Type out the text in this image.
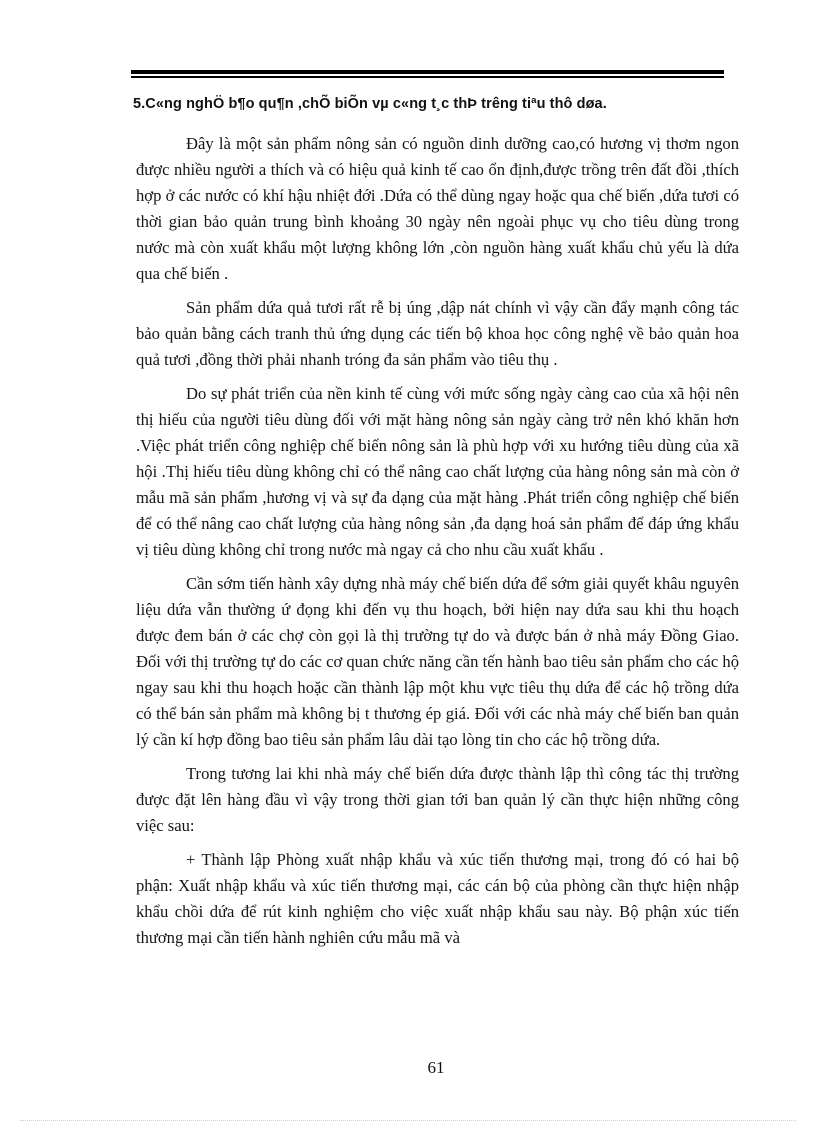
5.C«ng nghÖ b¶o qu¶n ,chÕ biÕn vµ c«ng t¸c thÞ trêng tiªu thô døa.

Đây là một sản phẩm nông sản có nguồn dinh dưỡng cao,có hương vị thơm ngon được nhiều người a thích và có hiệu quả kinh tế cao ổn định,được trồng trên đất đồi ,thích hợp ở các nước có khí hậu nhiệt đới .Dứa có thể dùng ngay hoặc qua chế biến ,dứa tươi có thời gian bảo quản trung bình khoảng 30 ngày nên ngoài phục vụ cho tiêu dùng trong nước mà còn xuất khẩu một lượng không lớn ,còn nguồn hàng xuất khẩu chủ yếu là dứa qua chế biến .

Sản phẩm dứa quả tươi rất rễ bị úng ,dập nát chính vì vậy cần đẩy mạnh công tác bảo quản bằng cách tranh thủ ứng dụng các tiến bộ khoa học công nghệ về bảo quản hoa quả tươi ,đồng thời phải nhanh tróng đa sản phẩm vào tiêu thụ .

Do sự phát triển của nền kinh tế cùng với mức sống ngày càng cao của xã hội nên thị hiếu của người tiêu dùng đối với mặt hàng nông sản ngày càng trở nên khó khăn hơn .Việc phát triển công nghiệp chế biến nông sản là phù hợp với xu hướng tiêu dùng của xã hội .Thị hiếu tiêu dùng không chỉ có thể nâng cao chất lượng của hàng nông sản mà còn ở mẫu mã sản phẩm ,hương vị và sự đa dạng của mặt hàng .Phát triển công nghiệp chế biến để có thể nâng cao chất lượng của hàng nông sản ,đa dạng hoá sản phẩm để đáp ứng khẩu vị tiêu dùng không chỉ trong nước mà ngay cả cho nhu cầu xuất khẩu .

Cần sớm tiến hành xây dựng nhà máy chế biến dứa để sớm giải quyết khâu nguyên liệu dứa vẫn thường ứ đọng khi đến vụ thu hoạch, bởi hiện nay dứa sau khi thu hoạch được đem bán ở các chợ còn gọi là thị trường tự do và được bán ở nhà máy Đồng Giao. Đối với thị trường tự do các cơ quan chức năng cần tến hành bao tiêu sản phẩm cho các hộ ngay sau khi thu hoạch hoặc cần thành lập một khu vực tiêu thụ dứa để các hộ trồng dứa có thể bán sản phẩm mà không bị t thương ép giá. Đối với các nhà máy chế biến ban quản lý cần kí hợp đồng bao tiêu sản phẩm lâu dài tạo lòng tin cho các hộ trồng dứa.

Trong tương lai khi nhà máy chế biến dứa được thành lập thì công tác thị trường được đặt lên hàng đầu vì vậy trong thời gian tới ban quản lý cần thực hiện những công việc sau:

+ Thành lập Phòng xuất nhập khẩu và xúc tiến thương mại, trong đó có hai bộ phận: Xuất nhập khẩu và xúc tiến thương mại, các cán bộ của phòng cần thực hiện nhập khẩu chồi dứa để rút kinh nghiệm cho việc xuất nhập khẩu sau này. Bộ phận xúc tiến thương mại cần tiến hành nghiên cứu mẫu mã và

61
